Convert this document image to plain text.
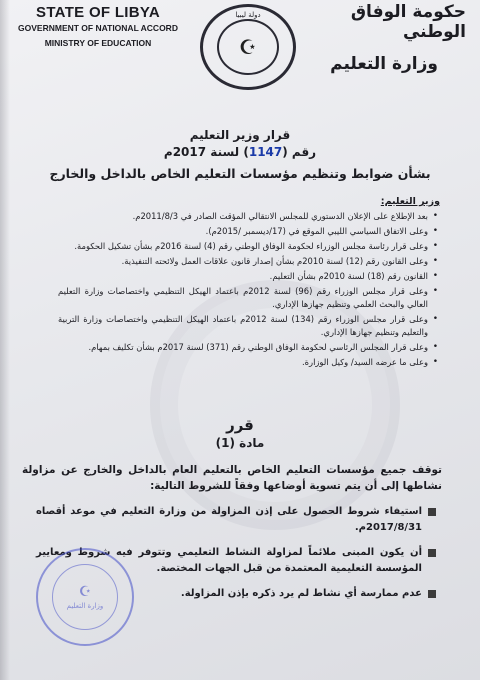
STATE OF LIBYA
GOVERNMENT OF NATIONAL ACCORD
MINISTRY OF EDUCATION
دولة ليبيا
☪
حكومة الوفاق الوطني
وزارة التعليم
قرار وزير التعليم
رقم (1147) لسنة 2017م
بشأن ضوابط وتنظيم مؤسسات التعليم الخاص بالداخل والخارج
وزير التعليم:
• بعد الإطلاع على الإعلان الدستوري للمجلس الانتقالي المؤقت الصادر في 2011/8/3م.
• وعلى الاتفاق السياسي الليبي الموقع في (17/ديسمبر /2015م).
• وعلى قرار رئاسة مجلس الوزراء لحكومة الوفاق الوطني رقم (4) لسنة 2016م بشأن تشكيل الحكومة.
• وعلى القانون رقم (12) لسنة 2010م بشأن إصدار قانون علاقات العمل ولائحته التنفيذية.
• القانون رقم (18) لسنة 2010م بشأن التعليم.
• وعلى قرار مجلس الوزراء رقم (96) لسنة 2012م باعتماد الهيكل التنظيمي واختصاصات وزارة التعليم العالي والبحث العلمي وتنظيم جهازها الإداري.
• وعلى قرار مجلس الوزراء رقم (134) لسنة 2012م باعتماد الهيكل التنظيمي واختصاصات وزارة التربية والتعليم وتنظيم جهازها الإداري.
• وعلى قرار المجلس الرئاسي لحكومة الوفاق الوطني رقم (371) لسنة 2017م بشأن تكليف بمهام.
• وعلى ما عرضه السيد/ وكيل الوزارة.
قرر
مادة (1)
توقف جميع مؤسسات التعليم الخاص بالتعليم العام بالداخل والخارج عن مزاولة نشاطها إلى أن يتم تسوية أوضاعها وفقاً للشروط التالية:
استيفاء شروط الحصول على إذن المزاولة من وزارة التعليم في موعد أقصاه 2017/8/31م.
أن يكون المبنى ملائماً لمزاولة النشاط التعليمي وتتوفر فيه شروط ومعايير المؤسسة التعليمية المعتمدة من قبل الجهات المختصة.
عدم ممارسة أي نشاط لم يرد ذكره بإذن المزاولة.
☪
وزارة التعليم
